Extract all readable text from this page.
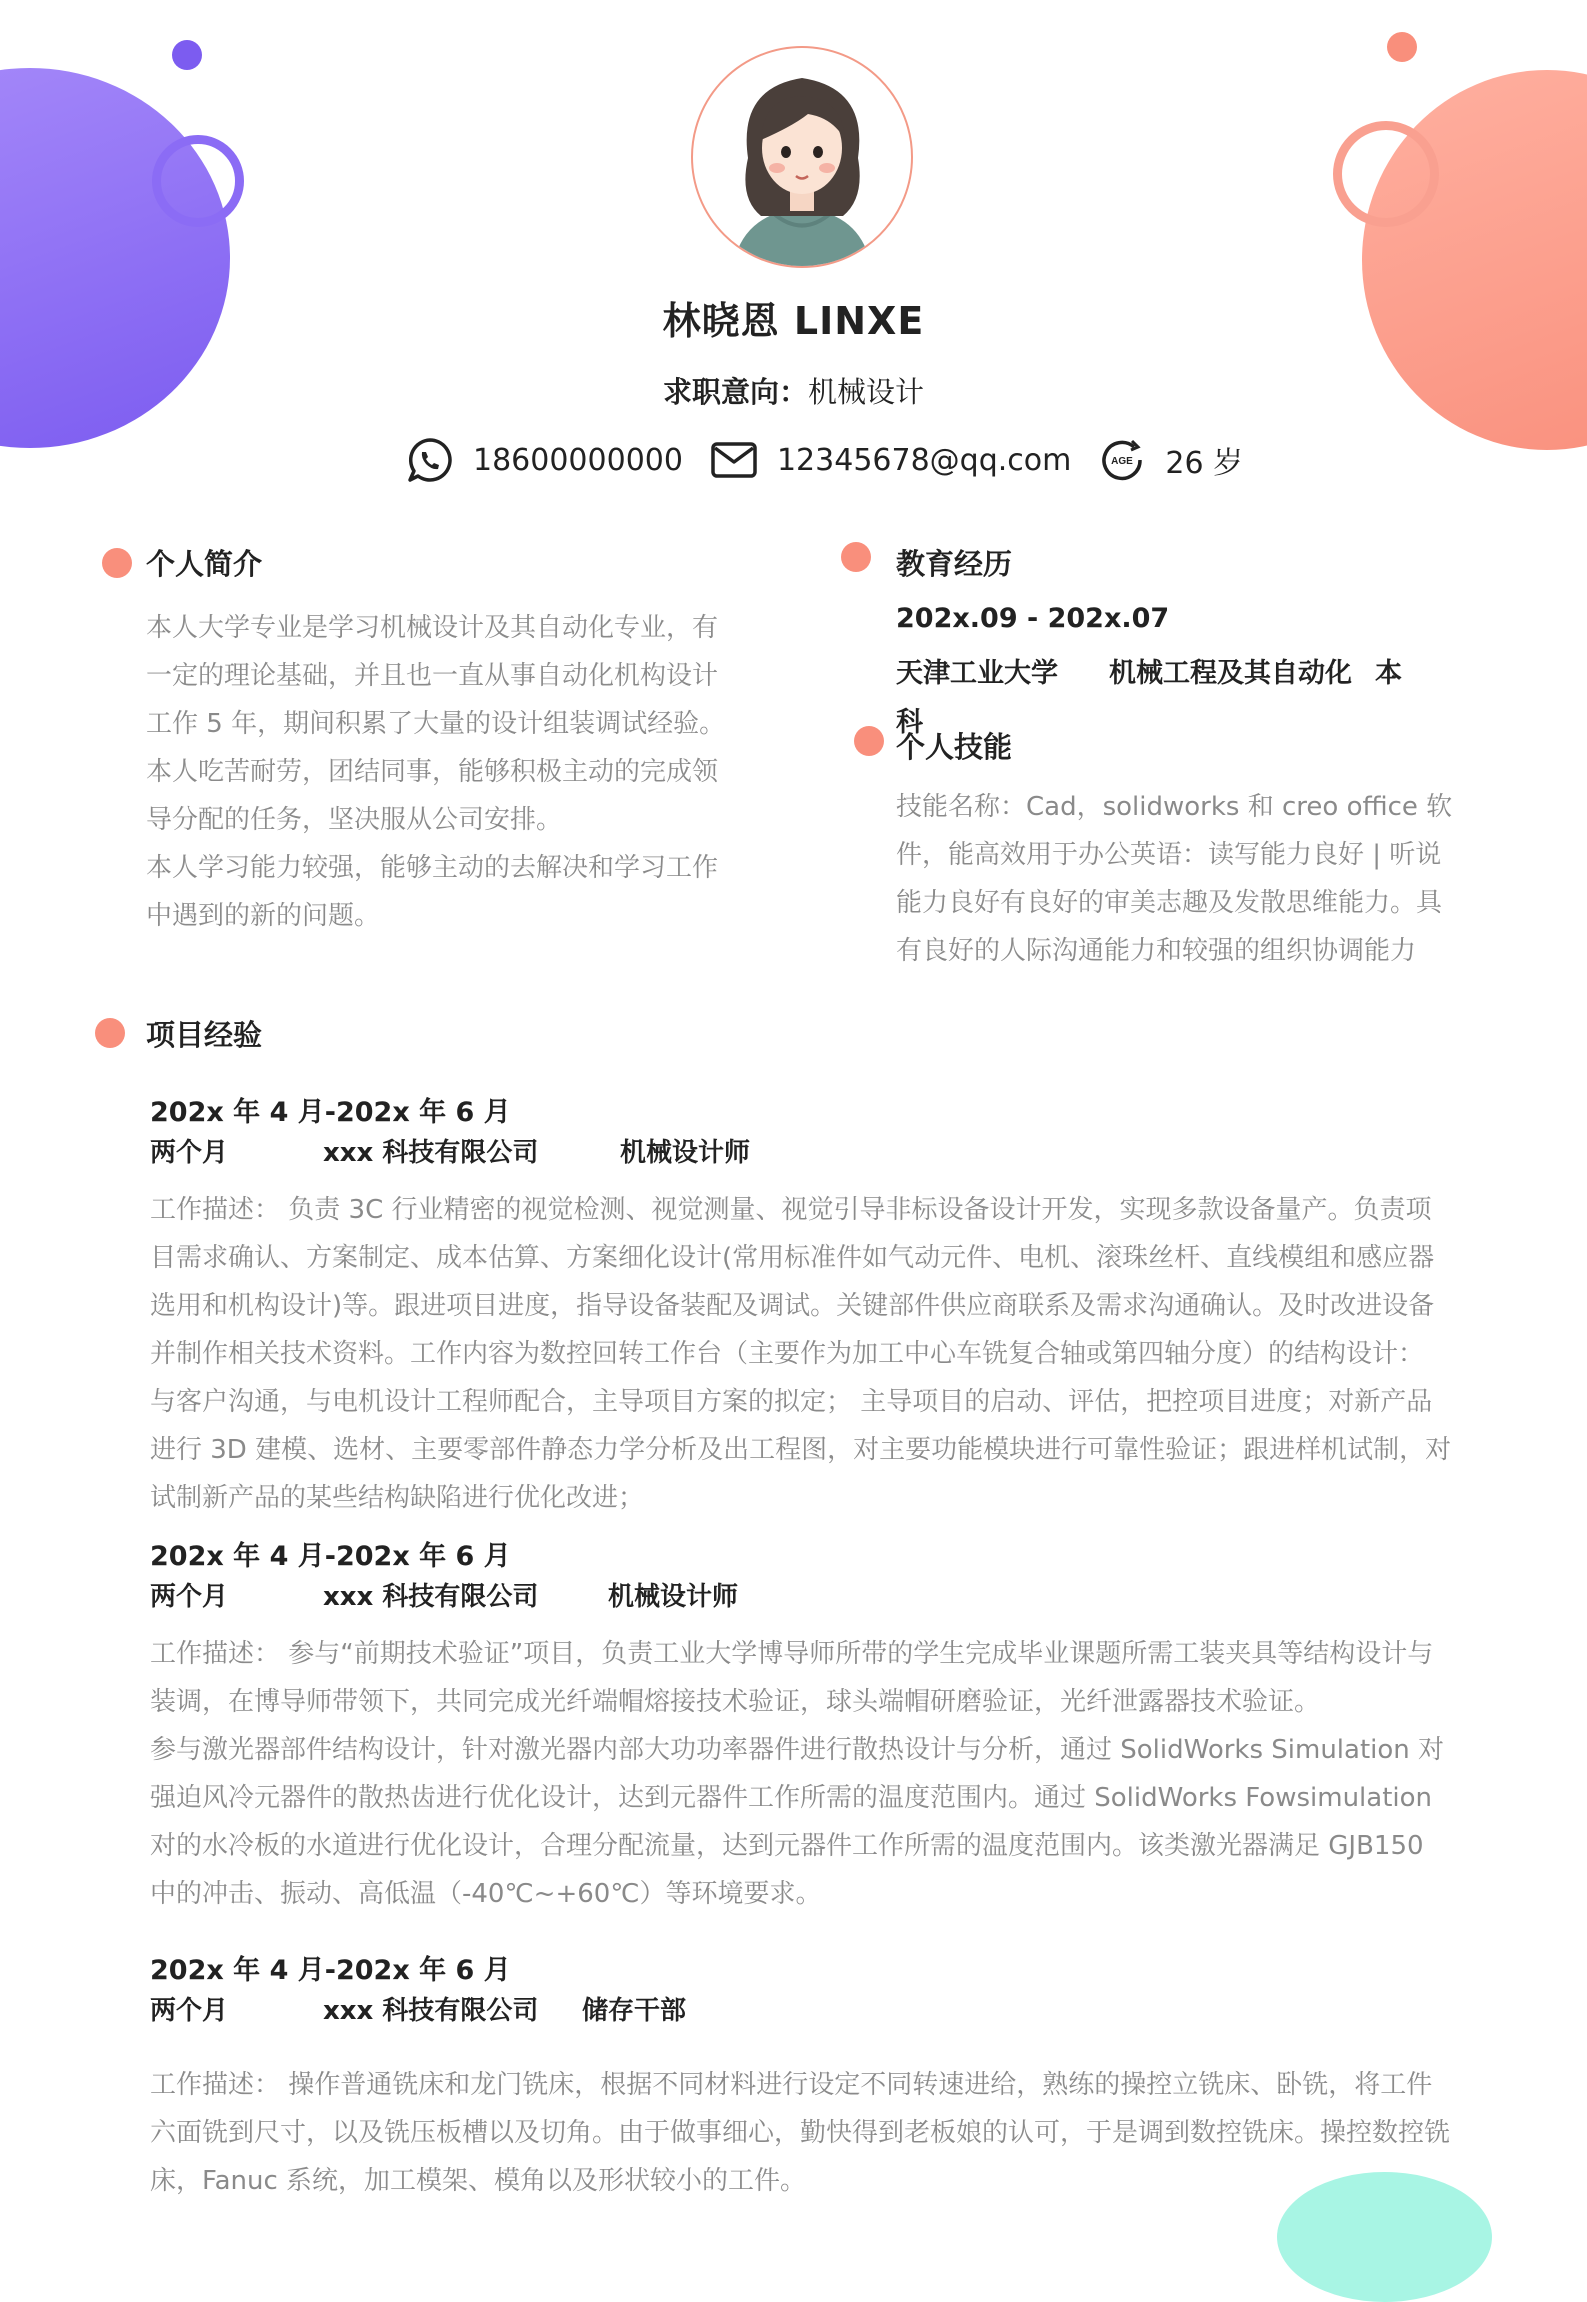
林晓恩 LINXE
求职意向：机械设计
18600000000	12345678@qq.com	AGE 26 岁
个人简介
本人大学专业是学习机械设计及其自动化专业，有
一定的理论基础，并且也一直从事自动化机构设计
工作 5 年，期间积累了大量的设计组装调试经验。
本人吃苦耐劳，团结同事，能够积极主动的完成领
导分配的任务，坚决服从公司安排。
本人学习能力较强，能够主动的去解决和学习工作
中遇到的新的问题。
教育经历
202x.09 - 202x.07
天津工业大学 机械工程及其自动化 本
科
个人技能
技能名称：Cad，solidworks 和 creo office 软
件，能高效用于办公英语：读写能力良好 | 听说
能力良好有良好的审美志趣及发散思维能力。具
有良好的人际沟通能力和较强的组织协调能力
项目经验
202x 年 4 月-202x 年 6 月
两个月	xxx 科技有限公司	机械设计师
工作描述： 负责 3C 行业精密的视觉检测、视觉测量、视觉引导非标设备设计开发，实现多款设备量产。负责项
目需求确认、方案制定、成本估算、方案细化设计(常用标准件如气动元件、电机、滚珠丝杆、直线模组和感应器
选用和机构设计)等。跟进项目进度，指导设备装配及调试。关键部件供应商联系及需求沟通确认。及时改进设备
并制作相关技术资料。工作内容为数控回转工作台（主要作为加工中心车铣复合轴或第四轴分度）的结构设计：
与客户沟通，与电机设计工程师配合，主导项目方案的拟定； 主导项目的启动、评估，把控项目进度；对新产品
进行 3D 建模、选材、主要零部件静态力学分析及出工程图，对主要功能模块进行可靠性验证；跟进样机试制，对
试制新产品的某些结构缺陷进行优化改进；
202x 年 4 月-202x 年 6 月
两个月	xxx 科技有限公司	机械设计师
工作描述： 参与“前期技术验证”项目，负责工业大学博导师所带的学生完成毕业课题所需工装夹具等结构设计与
装调，在博导师带领下，共同完成光纤端帽熔接技术验证，球头端帽研磨验证，光纤泄露器技术验证。
参与激光器部件结构设计，针对激光器内部大功功率器件进行散热设计与分析，通过 SolidWorks Simulation 对
强迫风冷元器件的散热齿进行优化设计，达到元器件工作所需的温度范围内。通过 SolidWorks Fowsimulation
对的水冷板的水道进行优化设计，合理分配流量，达到元器件工作所需的温度范围内。该类激光器满足 GJB150
中的冲击、振动、高低温（-40℃~+60℃）等环境要求。
202x 年 4 月-202x 年 6 月
两个月	xxx 科技有限公司	储存干部
工作描述： 操作普通铣床和龙门铣床，根据不同材料进行设定不同转速进给，熟练的操控立铣床、卧铣，将工件
六面铣到尺寸，以及铣压板槽以及切角。由于做事细心，勤快得到老板娘的认可，于是调到数控铣床。操控数控铣
床，Fanuc 系统，加工模架、模角以及形状较小的工件。
